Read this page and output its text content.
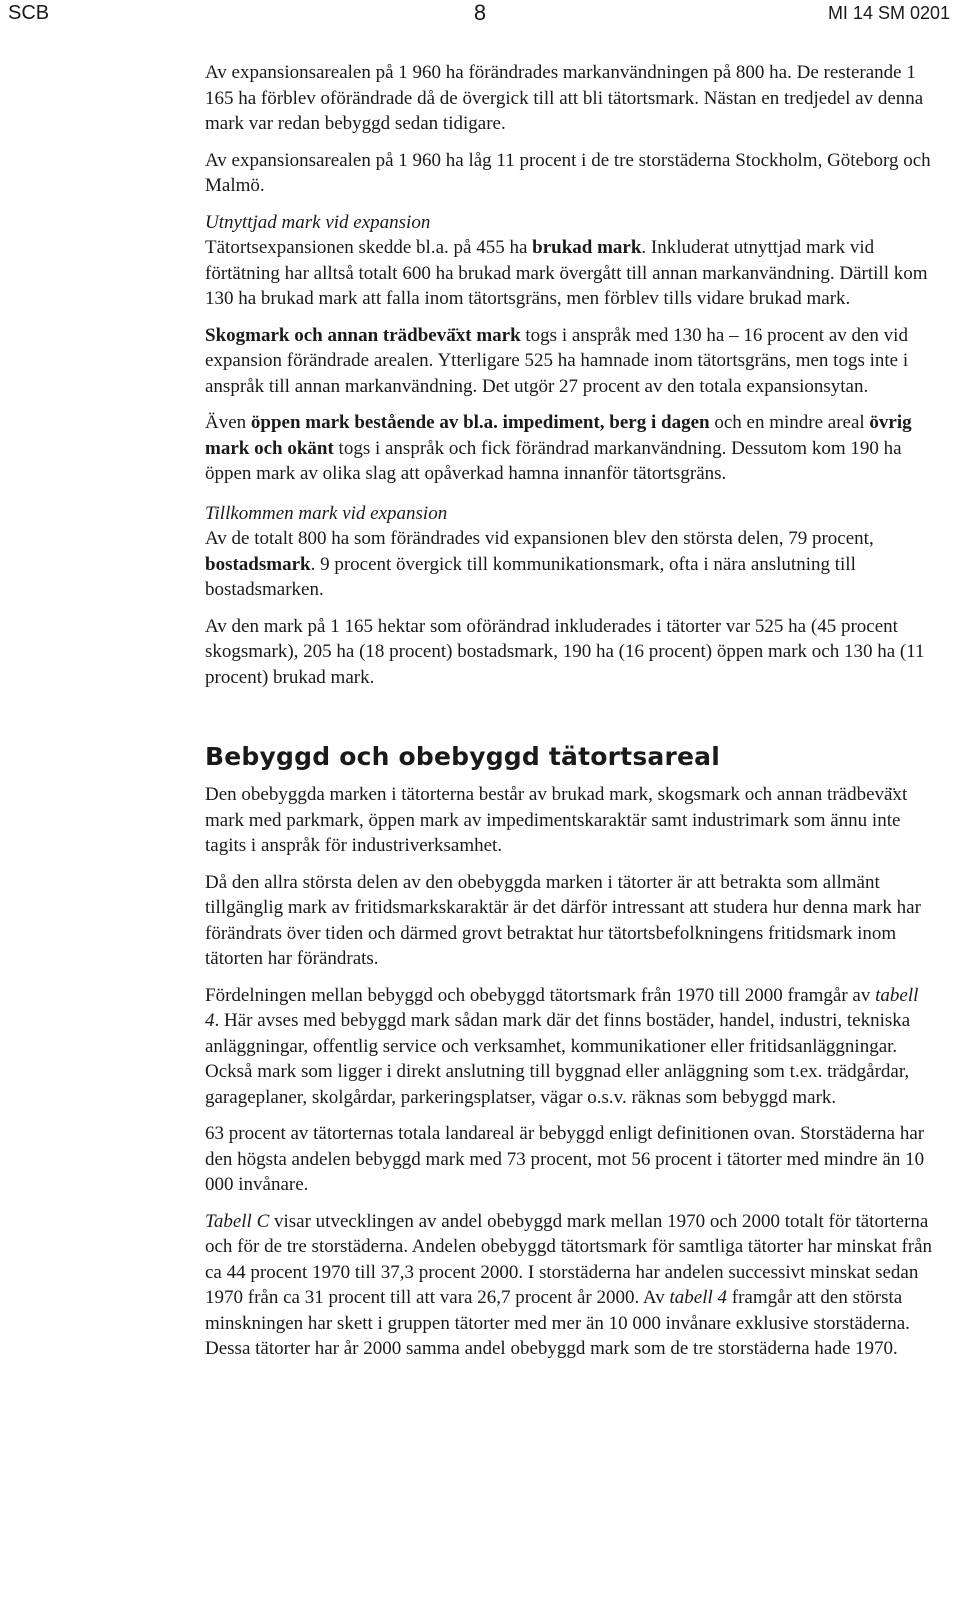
SCB	8	MI 14 SM 0201

Av expansionsarealen på 1 960 ha förändrades markanvändningen på 800 ha. De resterande 1 165 ha förblev oförändrade då de övergick till att bli tätortsmark. Nästan en tredjedel av denna mark var redan bebyggd sedan tidigare.

Av expansionsarealen på 1 960 ha låg 11 procent i de tre storstäderna Stockholm, Göteborg och Malmö.

Utnyttjad mark vid expansion

Tätortsexpansionen skedde bl.a. på 455 ha brukad mark. Inkluderat utnyttjad mark vid förtätning har alltså totalt 600 ha brukad mark övergått till annan markanvändning. Därtill kom 130 ha brukad mark att falla inom tätortsgräns, men förblev tills vidare brukad mark.

Skogmark och annan trädbevä̈xt mark togs i anspråk med 130 ha – 16 procent av den vid expansion förändrade arealen. Ytterligare 525 ha hamnade inom tätortsgräns, men togs inte i anspråk till annan markanvändning. Det utgör 27 procent av den totala expansionsytan.

Även öppen mark bestående av bl.a. impediment, berg i dagen och en mindre areal övrig mark och okänt togs i anspråk och fick förändrad markanvändning. Dessutom kom 190 ha öppen mark av olika slag att opåverkad hamna innanför tätortsgräns.

Tillkommen mark vid expansion

Av de totalt 800 ha som förändrades vid expansionen blev den största delen, 79 procent, bostadsmark. 9 procent övergick till kommunikationsmark, ofta i nära anslutning till bostadsmarken.

Av den mark på 1 165 hektar som oförändrad inkluderades i tätorter var 525 ha (45 procent skogsmark), 205 ha (18 procent) bostadsmark, 190 ha (16 procent) öppen mark och 130 ha (11 procent) brukad mark.

Bebyggd och obebyggd tätortsareal

Den obebyggda marken i tätorterna består av brukad mark, skogsmark och annan trädbevä̈xt mark med parkmark, öppen mark av impedimentskaraktär samt industrimark som ännu inte tagits i anspråk för industriverksamhet.

Då den allra största delen av den obebyggda marken i tätorter är att betrakta som allmänt tillgänglig mark av fritidsmarkskaraktär är det därför intressant att studera hur denna mark har förändrats över tiden och därmed grovt betraktat hur tätortsbefolkningens fritidsmark inom tätorten har förändrats.

Fördelningen mellan bebyggd och obebyggd tätortsmark från 1970 till 2000 framgår av tabell 4. Här avses med bebyggd mark sådan mark där det finns bostäder, handel, industri, tekniska anläggningar, offentlig service och verksamhet, kommunikationer eller fritidsanläggningar. Också mark som ligger i direkt anslutning till byggnad eller anläggning som t.ex. trädgårdar, garageplaner, skolgårdar, parkeringsplatser, vägar o.s.v. räknas som bebyggd mark.

63 procent av tätorternas totala landareal är bebyggd enligt definitionen ovan. Storstäderna har den högsta andelen bebyggd mark med 73 procent, mot 56 procent i tätorter med mindre än 10 000 invånare.

Tabell C visar utvecklingen av andel obebyggd mark mellan 1970 och 2000 totalt för tätorterna och för de tre storstäderna. Andelen obebyggd tätortsmark för samtliga tätorter har minskat från ca 44 procent 1970 till 37,3 procent 2000. I storstäderna har andelen successivt minskat sedan 1970 från ca 31 procent till att vara 26,7 procent år 2000. Av tabell 4 framgår att den största minskningen har skett i gruppen tätorter med mer än 10 000 invånare exklusive storstäderna. Dessa tätorter har år 2000 samma andel obebyggd mark som de tre storstäderna hade 1970.
